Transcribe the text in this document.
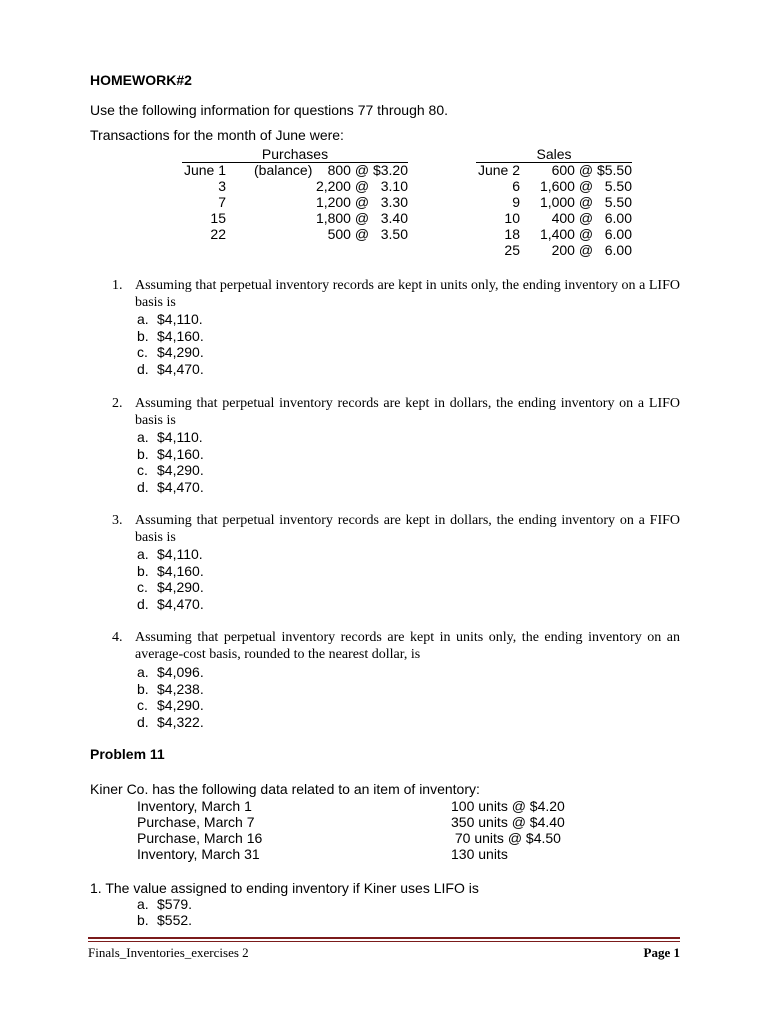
HOMEWORK#2
Use the following information for questions 77 through 80.
Transactions for the month of June were:
Purchases
June 1 (balance)	800 @ $3.20
3	2,200 @   3.10
7	1,200 @   3.30
15	1,800 @   3.40
22	500 @   3.50
Sales
June 2	600 @ $5.50
6	1,600 @   5.50
9	1,000 @   5.50
10	400 @   6.00
18	1,400 @   6.00
25	200 @   6.00
1. Assuming that perpetual inventory records are kept in units only, the ending inventory on a LIFO basis is
a. $4,110.
b. $4,160.
c. $4,290.
d. $4,470.
2. Assuming that perpetual inventory records are kept in dollars, the ending inventory on a LIFO basis is
a. $4,110.
b. $4,160.
c. $4,290.
d. $4,470.
3. Assuming that perpetual inventory records are kept in dollars, the ending inventory on a FIFO basis is
a. $4,110.
b. $4,160.
c. $4,290.
d. $4,470.
4. Assuming that perpetual inventory records are kept in units only, the ending inventory on an average-cost basis, rounded to the nearest dollar, is
a. $4,096.
b. $4,238.
c. $4,290.
d. $4,322.
Problem 11
Kiner Co. has the following data related to an item of inventory:
Inventory, March 1	100 units @ $4.20
Purchase, March 7	350 units @ $4.40
Purchase, March 16	70 units @ $4.50
Inventory, March 31	130 units
1. The value assigned to ending inventory if Kiner uses LIFO is
a. $579.
b. $552.
Finals_Inventories_exercises 2	Page 1
